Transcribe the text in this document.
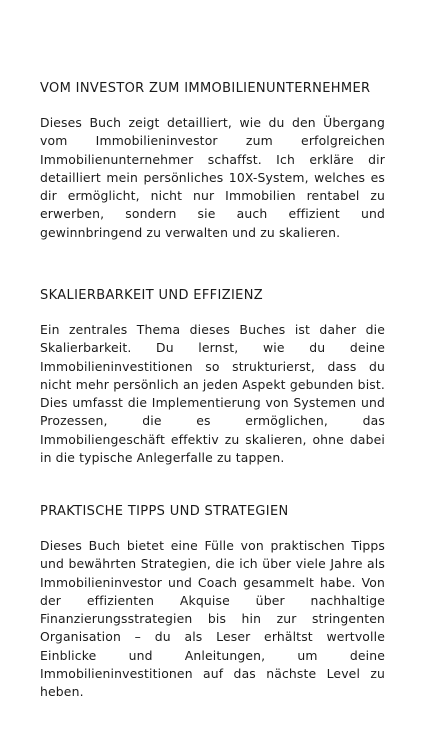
VOM INVESTOR ZUM IMMOBILIENUNTERNEHMER

Dieses Buch zeigt detailliert, wie du den Übergang vom Immobilieninvestor zum erfolgreichen Immobilienunternehmer schaffst. Ich erkläre dir detailliert mein persönliches 10X-System, welches es dir ermöglicht, nicht nur Immobilien rentabel zu erwerben, sondern sie auch effizient und gewinnbringend zu verwalten und zu skalieren.

SKALIERBARKEIT UND EFFIZIENZ

Ein zentrales Thema dieses Buches ist daher die Skalierbarkeit. Du lernst, wie du deine Immobilieninvestitionen so strukturierst, dass du nicht mehr persönlich an jeden Aspekt gebunden bist. Dies umfasst die Implementierung von Systemen und Prozessen, die es ermöglichen, das Immobiliengeschäft effektiv zu skalieren, ohne dabei in die typische Anlegerfalle zu tappen.

PRAKTISCHE TIPPS UND STRATEGIEN

Dieses Buch bietet eine Fülle von praktischen Tipps und bewährten Strategien, die ich über viele Jahre als Immobilieninvestor und Coach gesammelt habe. Von der effizienten Akquise über nachhaltige Finanzierungsstrategien bis hin zur stringenten Organisation – du als Leser erhältst wertvolle Einblicke und Anleitungen, um deine Immobilieninvestitionen auf das nächste Level zu heben.
